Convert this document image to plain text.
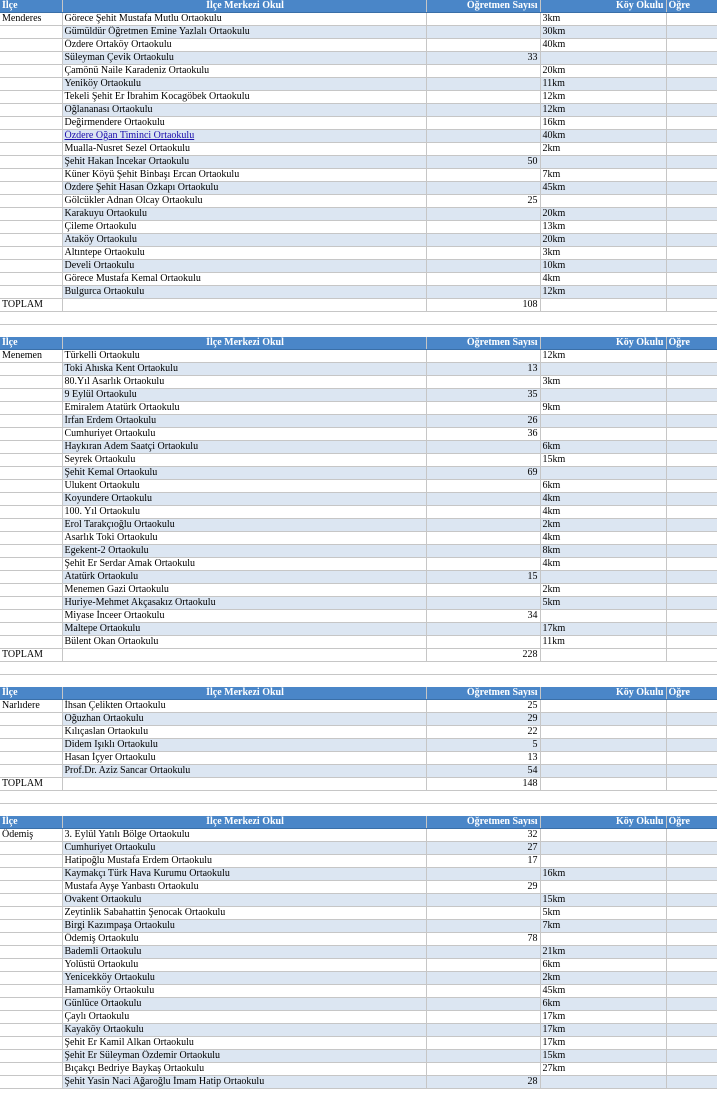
İlçe	İlçe Merkezi Okul	Öğretmen Sayısı	Köy Okulu	Öğre
Menderes	Görece Şehit Mustafa Mutlu Ortaokulu		3km	
	Gümüldür Öğretmen Emine Yazlalı Ortaokulu		30km	
	Özdere Ortaköy Ortaokulu		40km	
	Süleyman Çevik Ortaokulu	33		
	Çamönü Naile Karadeniz Ortaokulu		20km	
	Yeniköy Ortaokulu		11km	
	Tekeli Şehit Er İbrahim Kocagöbek Ortaokulu		12km	
	Oğlananası Ortaokulu		12km	
	Değirmendere Ortaokulu		16km	
	Özdere Oğan Timinci Ortaokulu		40km	
	Mualla-Nusret Sezel Ortaokulu		2km	
	Şehit Hakan İncekar Ortaokulu	50		
	Küner Köyü Şehit Binbaşı Ercan Ortaokulu		7km	
	Özdere Şehit Hasan Özkapı Ortaokulu		45km	
	Gölcükler Adnan Olcay Ortaokulu	25		
	Karakuyu Ortaokulu		20km	
	Çileme Ortaokulu		13km	
	Ataköy Ortaokulu		20km	
	Altıntepe Ortaokulu		3km	
	Develi Ortaokulu		10km	
	Görece Mustafa Kemal Ortaokulu		4km	
	Bulgurca Ortaokulu		12km	
TOPLAM		108		
İlçe	İlçe Merkezi Okul	Öğretmen Sayısı	Köy Okulu	Öğre
Menemen	Türkelli Ortaokulu		12km	
	Toki Ahıska Kent Ortaokulu	13		
	80.Yıl Asarlık Ortaokulu		3km	
	9 Eylül Ortaokulu	35		
	Emiralem Atatürk Ortaokulu		9km	
	İrfan Erdem Ortaokulu	26		
	Cumhuriyet Ortaokulu	36		
	Haykıran Adem Saatçi Ortaokulu		6km	
	Seyrek Ortaokulu		15km	
	Şehit Kemal Ortaokulu	69		
	Ulukent Ortaokulu		6km	
	Koyundere Ortaokulu		4km	
	100. Yıl Ortaokulu		4km	
	Erol Tarakçıoğlu Ortaokulu		2km	
	Asarlık Toki Ortaokulu		4km	
	Egekent-2 Ortaokulu		8km	
	Şehit Er Serdar Amak Ortaokulu		4km	
	Atatürk Ortaokulu	15		
	Menemen Gazi Ortaokulu		2km	
	Huriye-Mehmet Akçasakız Ortaokulu		5km	
	Miyase İnceer Ortaokulu	34		
	Maltepe Ortaokulu		17km	
	Bülent Okan Ortaokulu		11km	
TOPLAM		228		
İlçe	İlçe Merkezi Okul	Öğretmen Sayısı	Köy Okulu	Öğre
Narlıdere	İhsan Çelikten Ortaokulu	25		
	Oğuzhan Ortaokulu	29		
	Kılıçaslan Ortaokulu	22		
	Didem Işıklı Ortaokulu	5		
	Hasan İçyer Ortaokulu	13		
	Prof.Dr. Aziz Sancar Ortaokulu	54		
TOPLAM		148		
İlçe	İlçe Merkezi Okul	Öğretmen Sayısı	Köy Okulu	Öğre
Ödemiş	3. Eylül Yatılı Bölge Ortaokulu	32		
	Cumhuriyet Ortaokulu	27		
	Hatipoğlu Mustafa Erdem Ortaokulu	17		
	Kaymakçı Türk Hava Kurumu Ortaokulu		16km	
	Mustafa Ayşe Yanbastı Ortaokulu	29		
	Ovakent Ortaokulu		15km	
	Zeytinlik Sabahattin Şenocak Ortaokulu		5km	
	Birgi Kazımpaşa Ortaokulu		7km	
	Ödemiş Ortaokulu	78		
	Bademli Ortaokulu		21km	
	Yolüstü Ortaokulu		6km	
	Yenicekköy Ortaokulu		2km	
	Hamamköy Ortaokulu		45km	
	Günlüce Ortaokulu		6km	
	Çaylı Ortaokulu		17km	
	Kayaköy Ortaokulu		17km	
	Şehit Er Kamil Alkan Ortaokulu		17km	
	Şehit Er Süleyman Özdemir Ortaokulu		15km	
	Bıçakçı Bedriye Baykaş Ortaokulu		27km	
	Şehit Yasin Naci Ağaroğlu İmam Hatip Ortaokulu	28		
